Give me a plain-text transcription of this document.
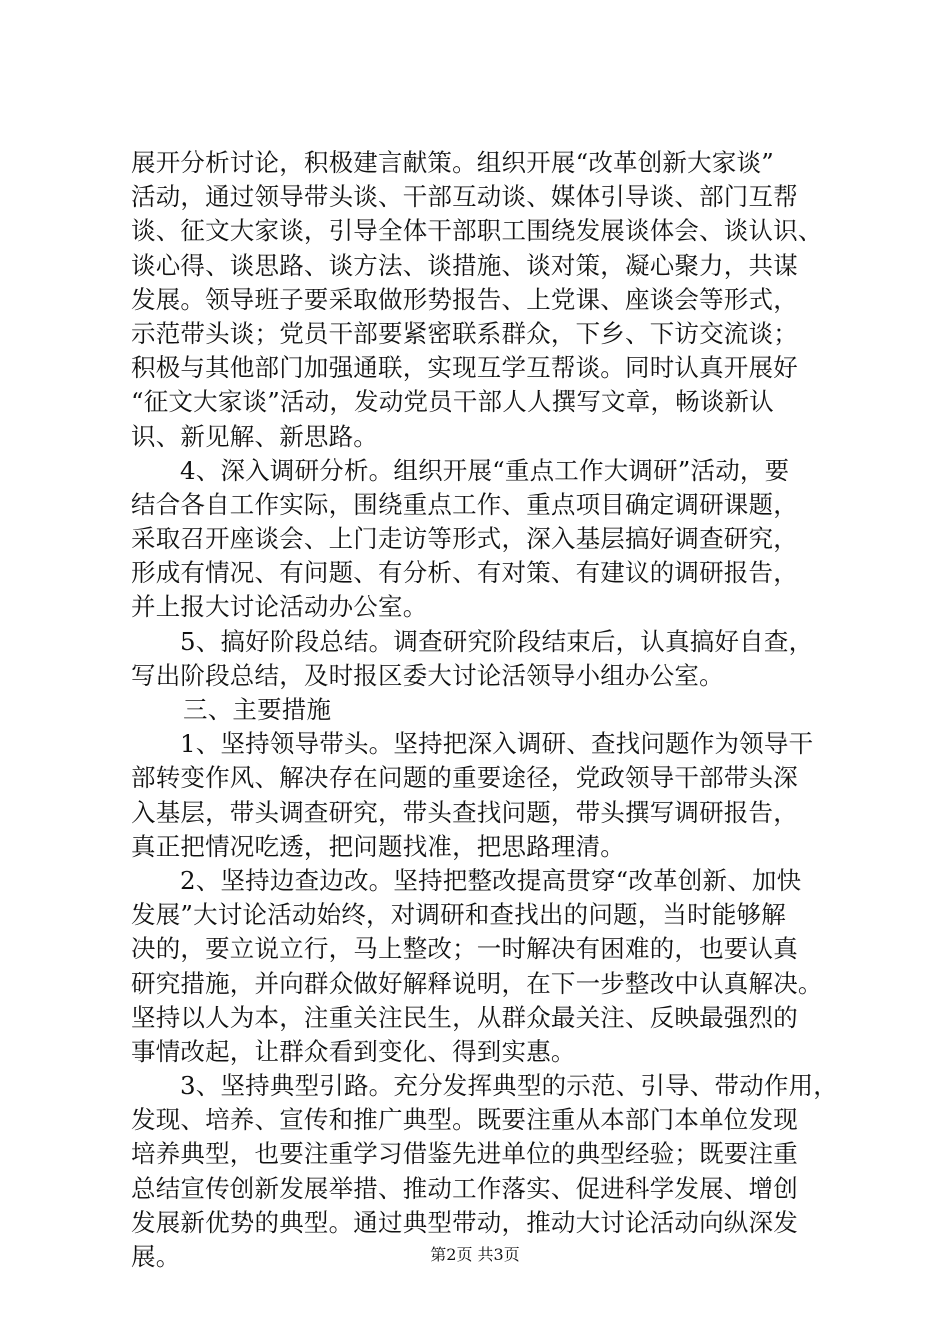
展开分析讨论，积极建言献策。组织开展“改革创新大家谈”
活动，通过领导带头谈、干部互动谈、媒体引导谈、部门互帮
谈、征文大家谈，引导全体干部职工围绕发展谈体会、谈认识、
谈心得、谈思路、谈方法、谈措施、谈对策，凝心聚力，共谋
发展。领导班子要采取做形势报告、上党课、座谈会等形式，
示范带头谈；党员干部要紧密联系群众，下乡、下访交流谈；
积极与其他部门加强通联，实现互学互帮谈。同时认真开展好
“征文大家谈”活动，发动党员干部人人撰写文章，畅谈新认
识、新见解、新思路。
4、深入调研分析。组织开展“重点工作大调研”活动，要
结合各自工作实际，围绕重点工作、重点项目确定调研课题，
采取召开座谈会、上门走访等形式，深入基层搞好调查研究，
形成有情况、有问题、有分析、有对策、有建议的调研报告，
并上报大讨论活动办公室。
5、搞好阶段总结。调查研究阶段结束后，认真搞好自查，
写出阶段总结，及时报区委大讨论活领导小组办公室。
三、主要措施
1、坚持领导带头。坚持把深入调研、查找问题作为领导干
部转变作风、解决存在问题的重要途径，党政领导干部带头深
入基层，带头调查研究，带头查找问题，带头撰写调研报告，
真正把情况吃透，把问题找准，把思路理清。
2、坚持边查边改。坚持把整改提高贯穿“改革创新、加快
发展”大讨论活动始终，对调研和查找出的问题，当时能够解
决的，要立说立行，马上整改；一时解决有困难的，也要认真
研究措施，并向群众做好解释说明，在下一步整改中认真解决。
坚持以人为本，注重关注民生，从群众最关注、反映最强烈的
事情改起，让群众看到变化、得到实惠。
3、坚持典型引路。充分发挥典型的示范、引导、带动作用，
发现、培养、宣传和推广典型。既要注重从本部门本单位发现
培养典型，也要注重学习借鉴先进单位的典型经验；既要注重
总结宣传创新发展举措、推动工作落实、促进科学发展、增创
发展新优势的典型。通过典型带动，推动大讨论活动向纵深发
展。	第2页 共3页
